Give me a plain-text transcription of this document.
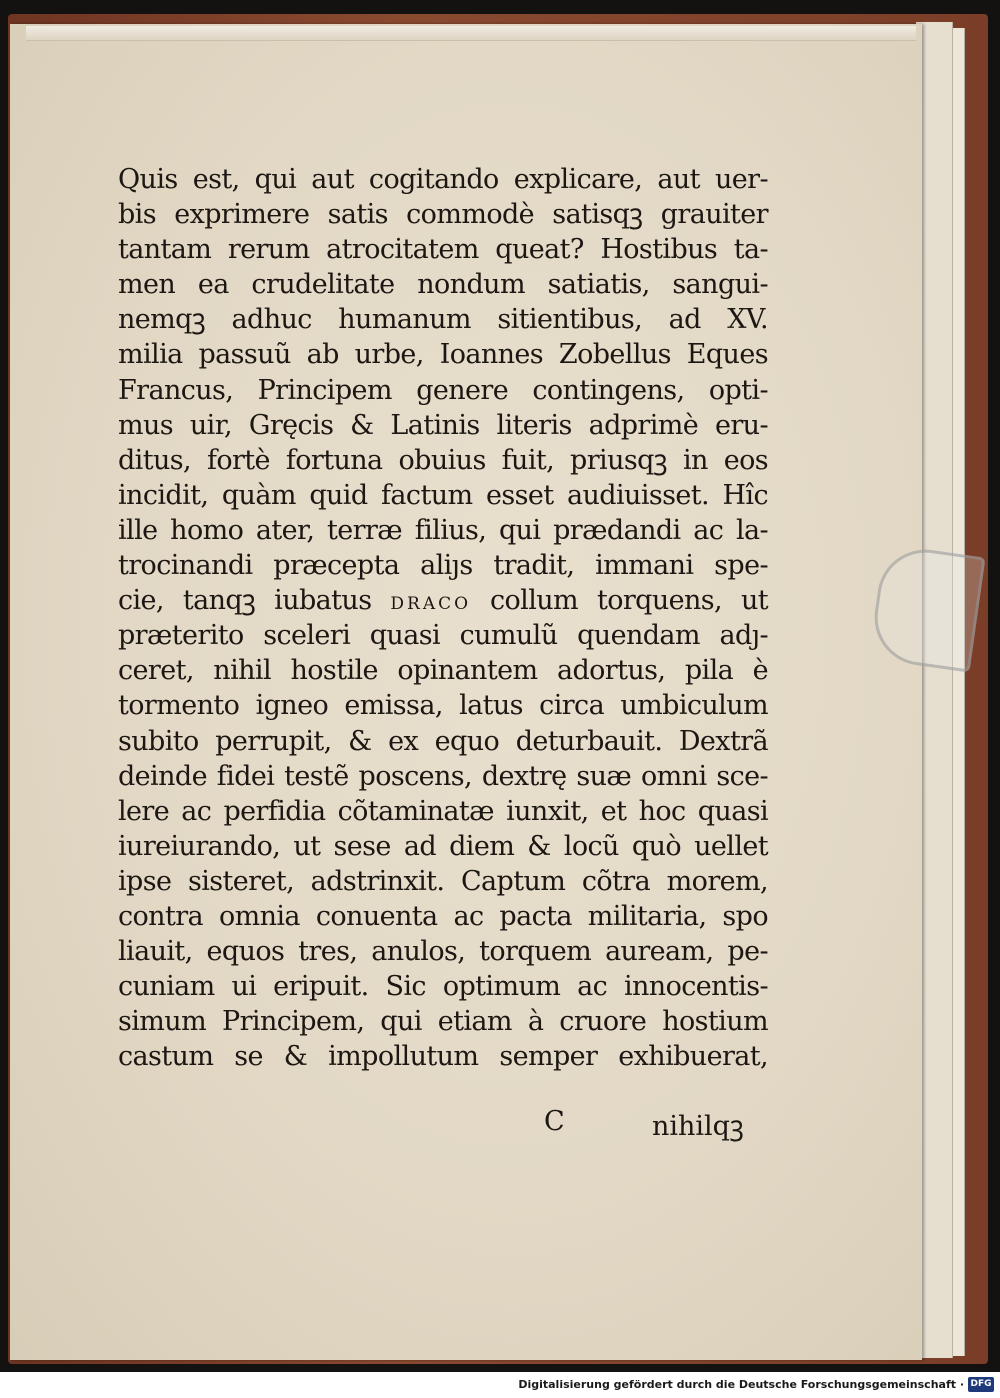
Quis est, qui aut cogitando explicare, aut uer-
bis exprimere satis commodè satisqꝫ grauiter
tantam rerum atrocitatem queat? Hostibus ta-
men ea crudelitate nondum satiatis, sangui-
nemqꝫ adhuc humanum sitientibus, ad XV.
milia passuũ ab urbe, Ioannes Zobellus Eques
Francus, Principem genere contingens, opti-
mus uir, Gręcis & Latinis literis adprimè eru-
ditus, fortè fortuna obuius fuit, priusqꝫ in eos
incidit, quàm quid factum esset audiuisset. Hîc
ille homo ater, terræ filius, qui prædandi ac la-
trocinandi præcepta aliȷs tradit, immani spe-
cie, tanqꝫ iubatus DRACO collum torquens, ut
præterito sceleri quasi cumulũ quendam adȷ-
ceret, nihil hostile opinantem adortus, pila è
tormento igneo emissa, latus circa umbiculum
subito perrupit, & ex equo deturbauit. Dextrã
deinde fidei testẽ poscens, dextrę suæ omni sce-
lere ac perfidia cõtaminatæ iunxit, et hoc quasi
iureiurando, ut sese ad diem & locũ quò uellet
ipse sisteret, adstrinxit. Captum cõtra morem,
contra omnia conuenta ac pacta militaria, spo
liauit, equos tres, anulos, torquem auream, pe-
cuniam ui eripuit. Sic optimum ac innocentis-
simum Principem, qui etiam à cruore hostium
castum se & impollutum semper exhibuerat,
C	nihilqꝫ
Digitalisierung gefördert durch die Deutsche Forschungsgemeinschaft · DFG
